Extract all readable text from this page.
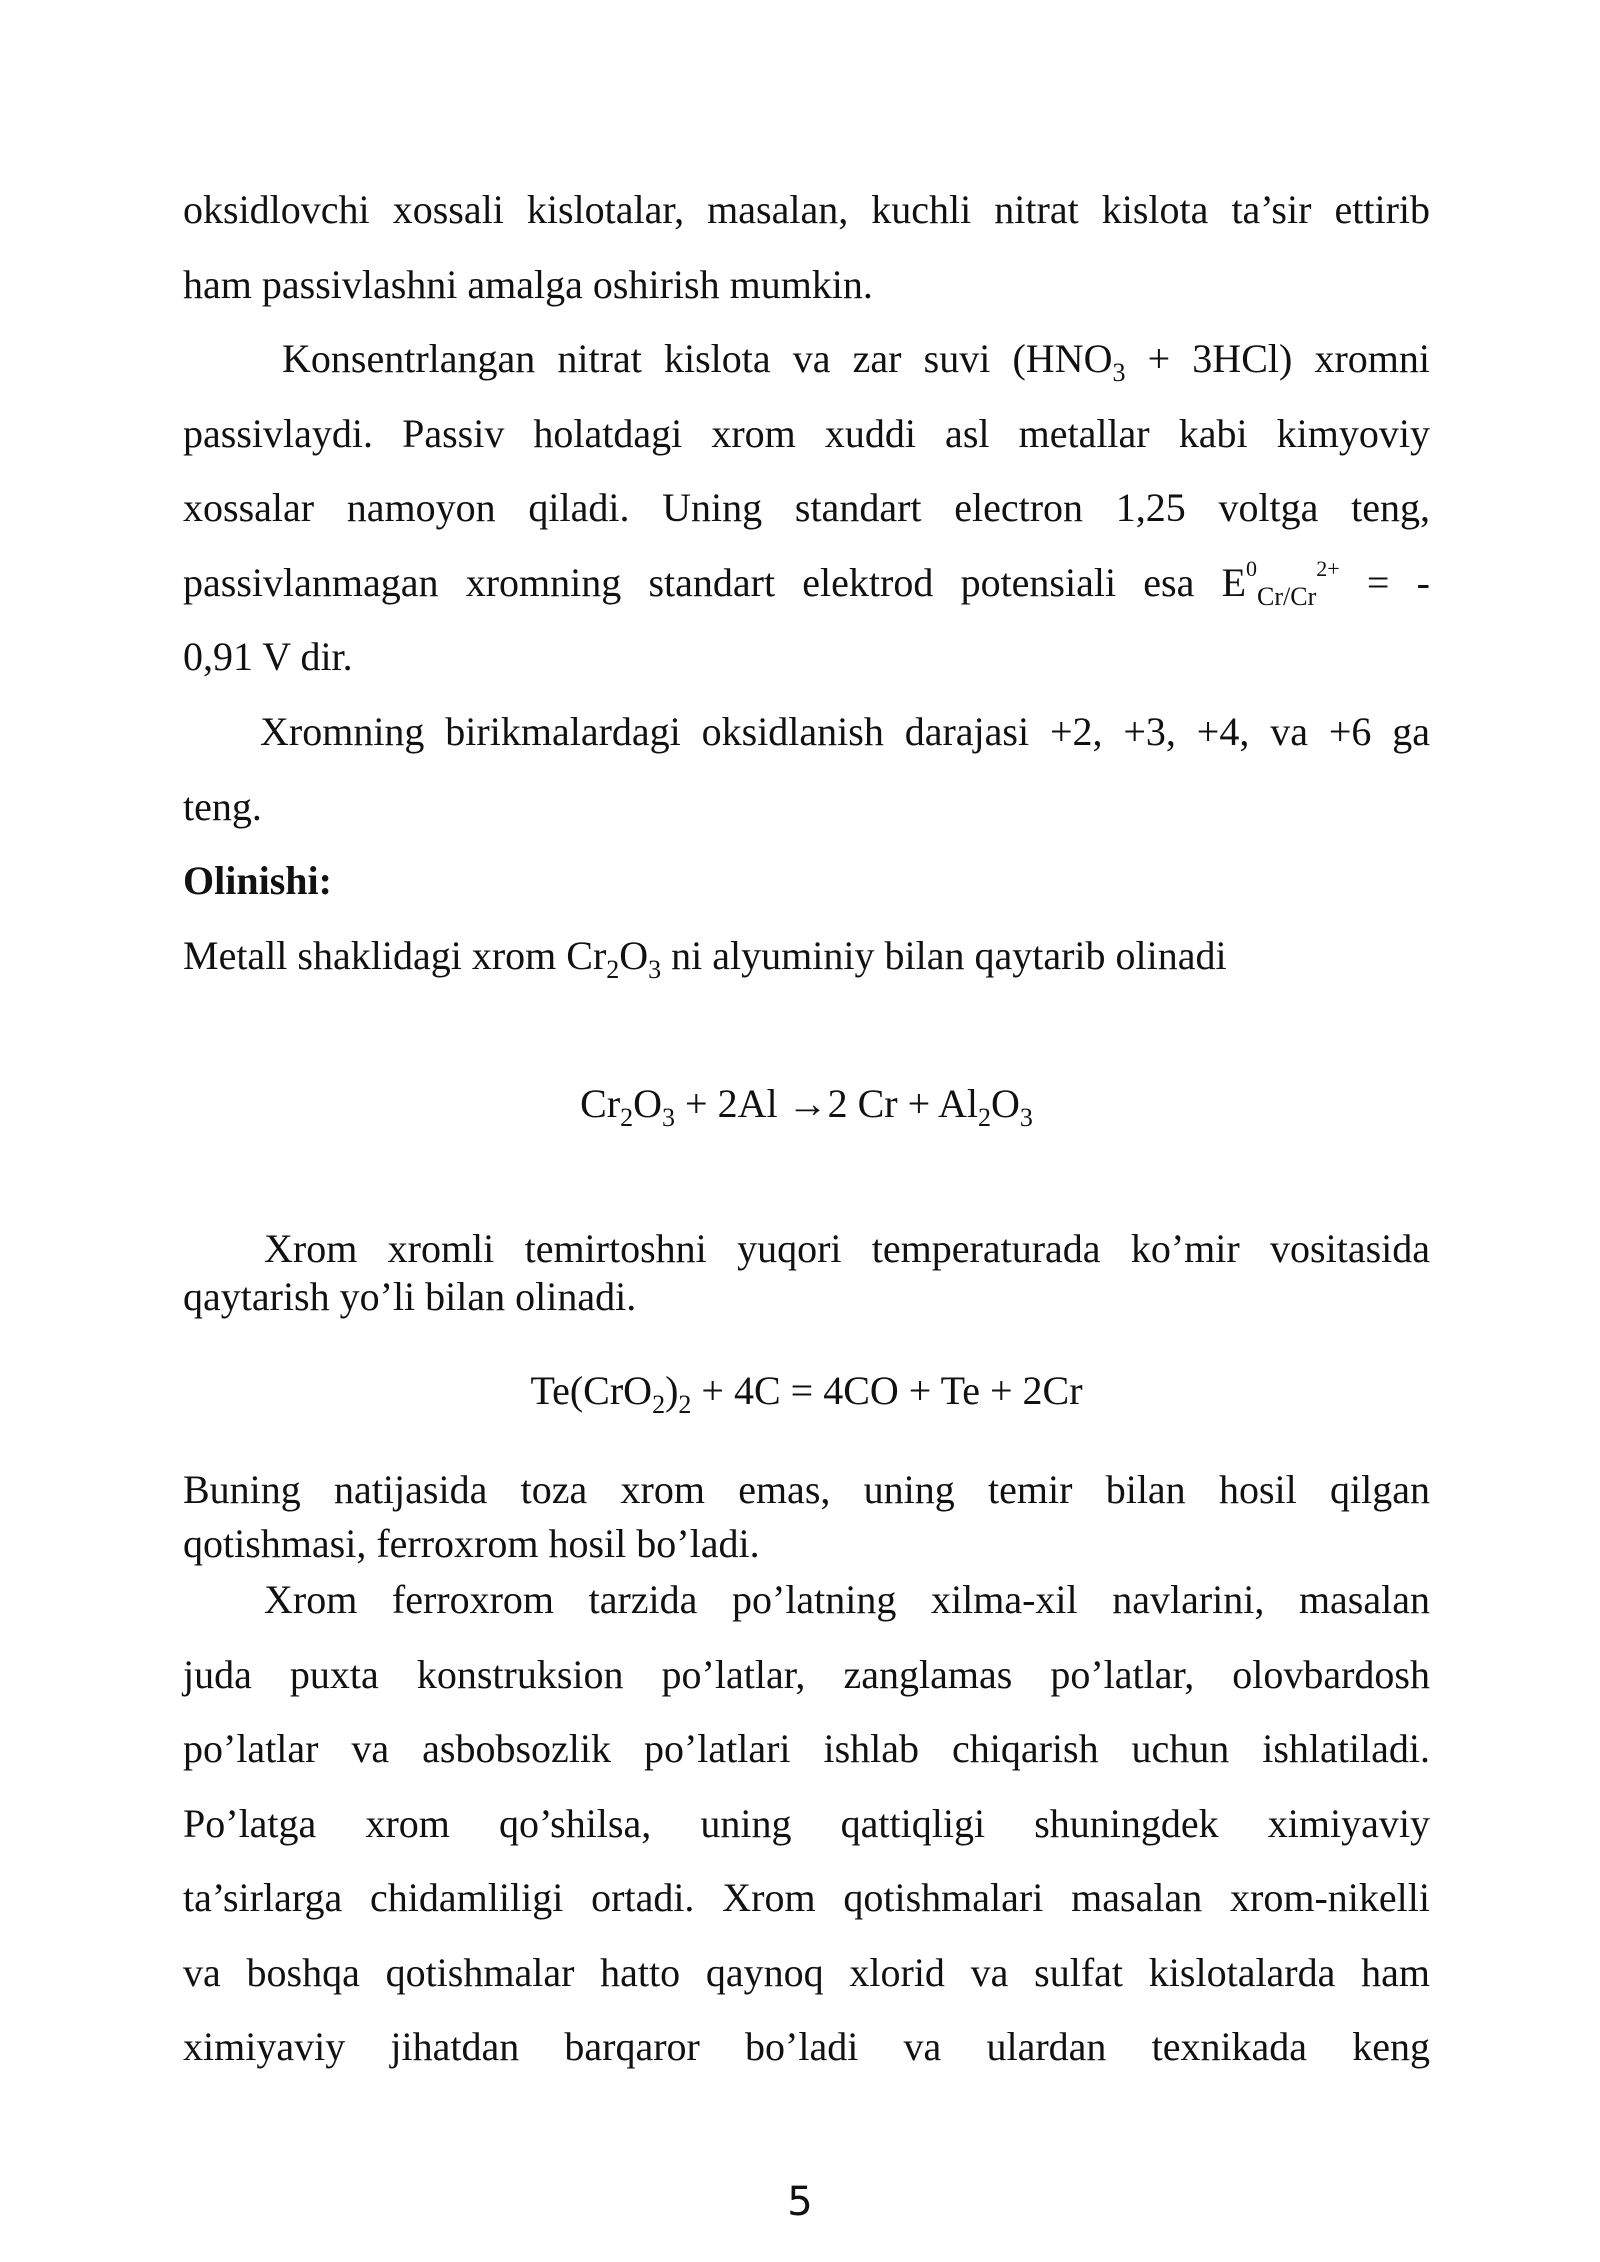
oksidlovchi xossali kislotalar, masalan, kuchli nitrat kislota ta’sir ettirib
ham passivlashni amalga oshirish mumkin.
Konsentrlangan nitrat kislota va zar suvi $(HNO_3 + 3HCl)$ xromni
passivlaydi. Passiv holatdagi xrom xuddi asl metallar kabi kimyoviy
xossalar namoyon qiladi. Uning standart electron 1,25 voltga teng,
passivlanmagan xromning standart elektrod potensiali esa $E^0_{Cr/Cr}^{2+}$ = -
0,91 V dir.
Xromning birikmalardagi oksidlanish darajasi +2, +3, +4, va +6 ga
teng.
Olinishi:
Metall shaklidagi xrom $Cr_2O_3$ ni alyuminiy bilan qaytarib olinadi
$Cr_2O_3 + 2Al \to 2$ $Cr + Al_2O_3$
Xrom xromli temirtoshni yuqori temperaturada ko’mir vositasida
qaytarish yo’li bilan olinadi.
$Te(CrO_2)_2 + 4C = 4CO + Te + 2Cr$
Buning natijasida toza xrom emas, uning temir bilan hosil qilgan
qotishmasi, ferroxrom hosil bo’ladi.
Xrom ferroxrom tarzida po’latning xilma-xil navlarini, masalan
juda puxta konstruksion po’latlar, zanglamas po’latlar, olovbardosh
po’latlar va asbobsozlik po’latlari ishlab chiqarish uchun ishlatiladi.
Po’latga xrom qo’shilsa, uning qattiqligi shuningdek ximiyaviy
ta’sirlarga chidamliligi ortadi. Xrom qotishmalari masalan xrom-nikelli
va boshqa qotishmalar hatto qaynoq xlorid va sulfat kislotalarda ham
ximiyaviy jihatdan barqaror bo’ladi va ulardan texnikada keng
5
